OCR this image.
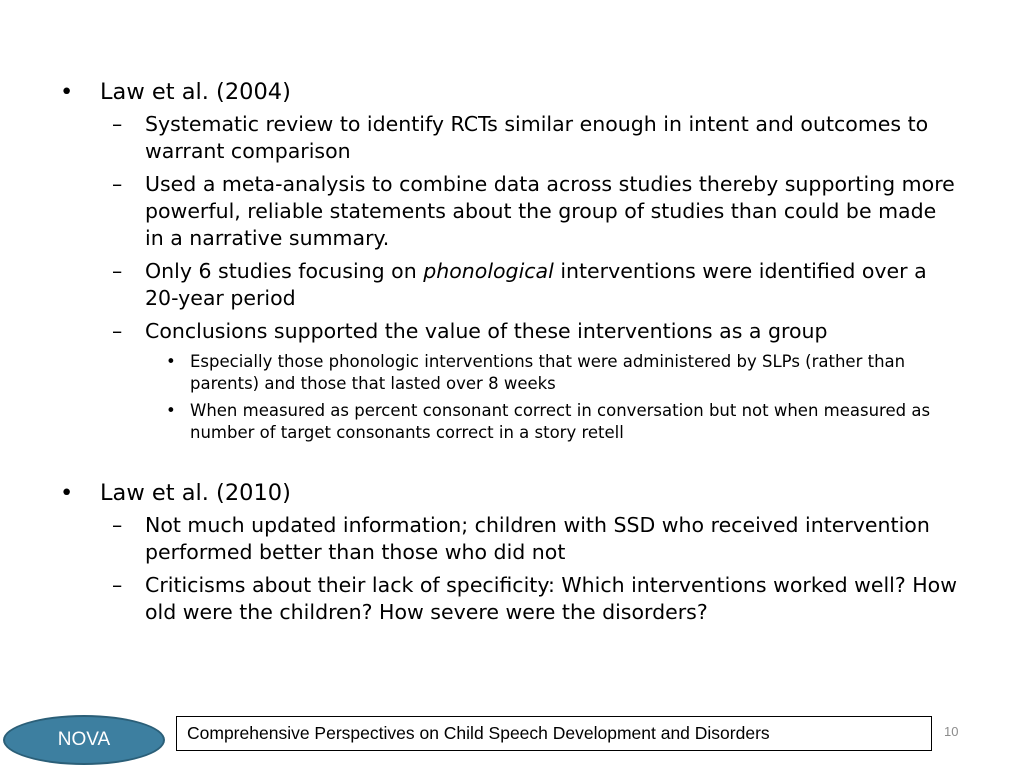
• Law et al. (2004)
– Systematic review to identify RCTs similar enough in intent and outcomes to warrant comparison
– Used a meta-analysis to combine data across studies thereby supporting more powerful, reliable statements about the group of studies than could be made in a narrative summary.
– Only 6 studies focusing on phonological interventions were identified over a 20-year period
– Conclusions supported the value of these interventions as a group
• Especially those phonologic interventions that were administered by SLPs (rather than parents) and those that lasted over 8 weeks
• When measured as percent consonant correct in conversation but not when measured as number of target consonants correct in a story retell
• Law et al. (2010)
– Not much updated information; children with SSD who received intervention performed better than those who did not
– Criticisms about their lack of specificity: Which interventions worked well? How old were the children? How severe were the disorders?
NOVA	Comprehensive Perspectives on Child Speech Development and Disorders	10
